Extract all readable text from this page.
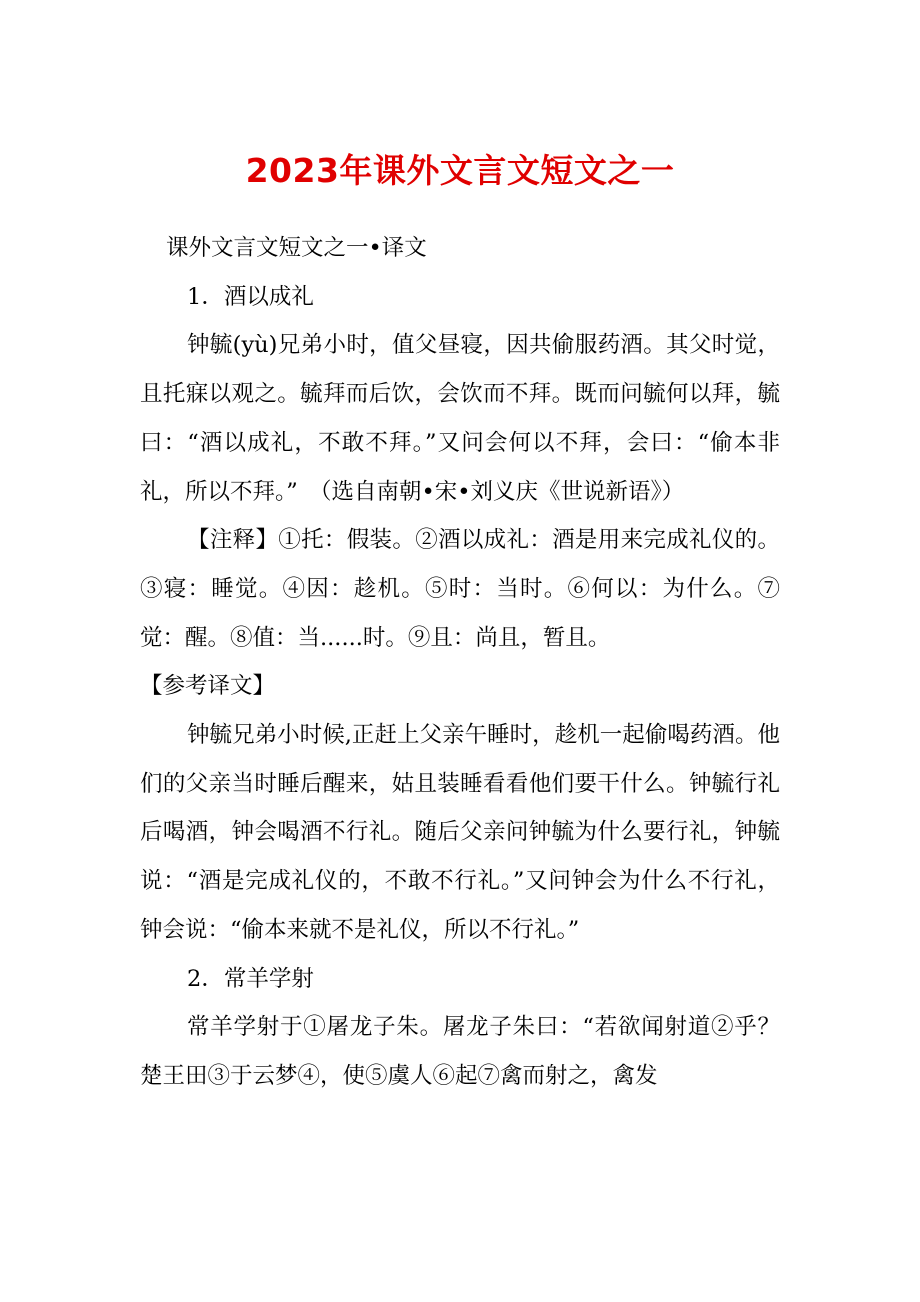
2023年课外文言文短文之一

课外文言文短文之一•译文

1．酒以成礼

钟毓(yù)兄弟小时，值父昼寝，因共偷服药酒。其父时觉，且托寐以观之。毓拜而后饮，会饮而不拜。既而问毓何以拜，毓曰：“酒以成礼，不敢不拜。”又问会何以不拜，会曰：“偷本非礼，所以不拜。”　（选自南朝•宋•刘义庆《世说新语》）

【注释】①托：假装。②酒以成礼：酒是用来完成礼仪的。③寝：睡觉。④因：趁机。⑤时：当时。⑥何以：为什么。⑦觉：醒。⑧值：当......时。⑨且：尚且，暂且。

【参考译文】

钟毓兄弟小时候,正赶上父亲午睡时，趁机一起偷喝药酒。他们的父亲当时睡后醒来，姑且装睡看看他们要干什么。钟毓行礼后喝酒，钟会喝酒不行礼。随后父亲问钟毓为什么要行礼，钟毓说：“酒是完成礼仪的，不敢不行礼。”又问钟会为什么不行礼，钟会说：“偷本来就不是礼仪，所以不行礼。”

2．常羊学射

常羊学射于①屠龙子朱。屠龙子朱曰：“若欲闻射道②乎？楚王田③于云梦④，使⑤虞人⑥起⑦禽而射之，禽发
